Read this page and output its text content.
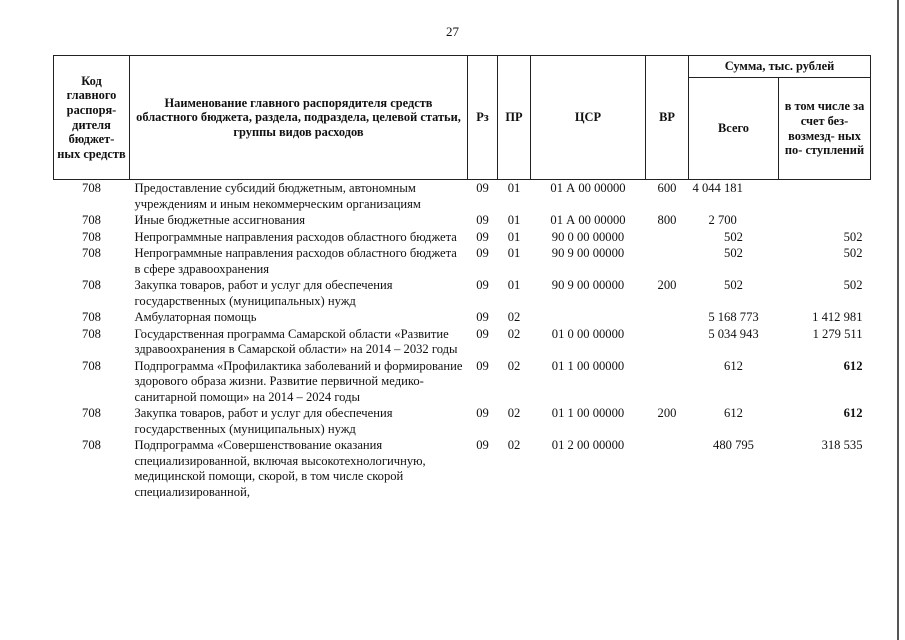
27
Код главного распоря- дителя бюджет- ных средств	Наименование главного распорядителя средств областного бюджета, раздела, подраздела, целевой статьи, группы видов расходов	Рз	ПР	ЦСР	ВР	Сумма, тыс. рублей	
						Всего	в том числе за счет без- возмезд- ных по- ступлений
708	Предоставление субсидий бюджетным, автономным учреждениям и иным некоммерческим организациям	09	01	01 А 00 00000	600	4 044 181	
708	Иные бюджетные ассигнования	09	01	01 А 00 00000	800	2 700	
708	Непрограммные направления расходов областного бюджета	09	01	90 0 00 00000		502	502
708	Непрограммные направления расходов областного бюджета в сфере здравоохранения	09	01	90 9 00 00000		502	502
708	Закупка товаров, работ и услуг для обеспечения государственных (муниципальных) нужд	09	01	90 9 00 00000	200	502	502
708	Амбулаторная помощь	09	02			5 168 773	1 412 981
708	Государственная программа Самарской области «Развитие здравоохранения в Самарской области» на 2014 – 2032 годы	09	02	01 0 00 00000		5 034 943	1 279 511
708	Подпрограмма «Профилактика заболеваний и формирование здорового образа жизни. Развитие первичной медико-санитарной помощи» на 2014 – 2024 годы	09	02	01 1 00 00000		612	612
708	Закупка товаров, работ и услуг для обеспечения государственных (муниципальных) нужд	09	02	01 1 00 00000	200	612	612
708	Подпрограмма «Совершенствование оказания специализированной, включая высокотехнологичную, медицинской помощи, скорой, в том числе скорой специализированной,	09	02	01 2 00 00000		480 795	318 535
